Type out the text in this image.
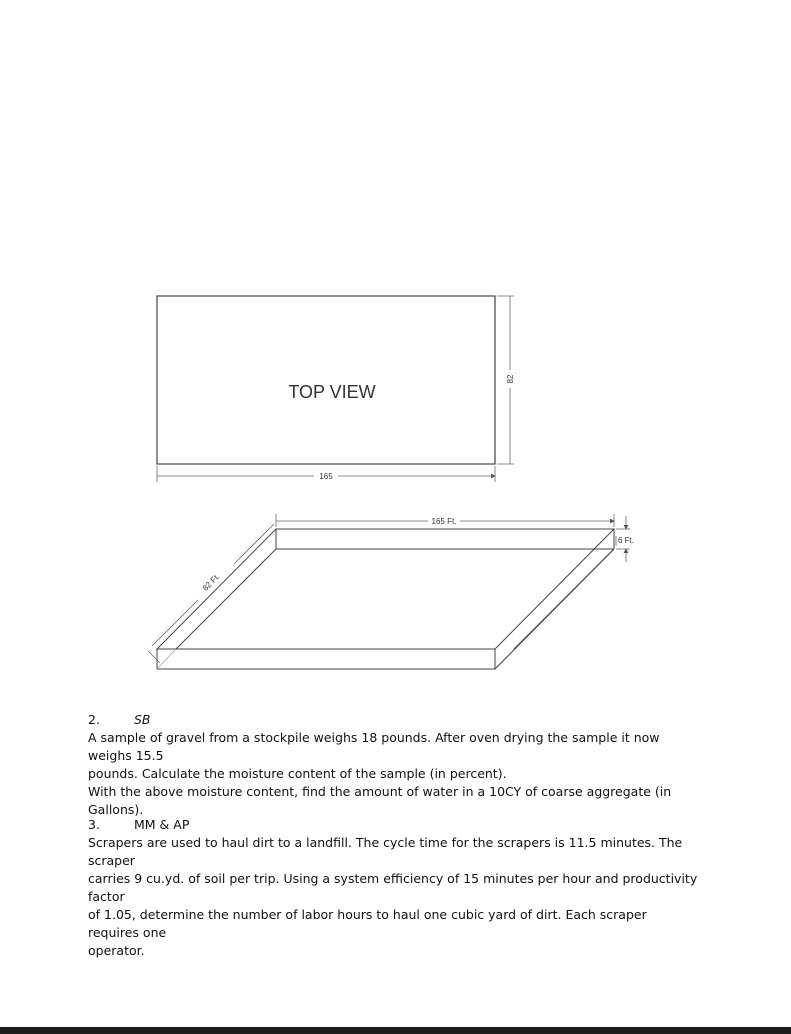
TOP VIEW
165
82
165 Ft.
6 Ft.
82 Ft.
2.	SB
A sample of gravel from a stockpile weighs 18 pounds. After oven drying the sample it now weighs 15.5
pounds. Calculate the moisture content of the sample (in percent).
With the above moisture content, find the amount of water in a 10CY of coarse aggregate (in Gallons).
3.	MM & AP
Scrapers are used to haul dirt to a landfill. The cycle time for the scrapers is 11.5 minutes. The scraper
carries 9 cu.yd. of soil per trip. Using a system efficiency of 15 minutes per hour and productivity factor
of 1.05, determine the number of labor hours to haul one cubic yard of dirt. Each scraper requires one
operator.
